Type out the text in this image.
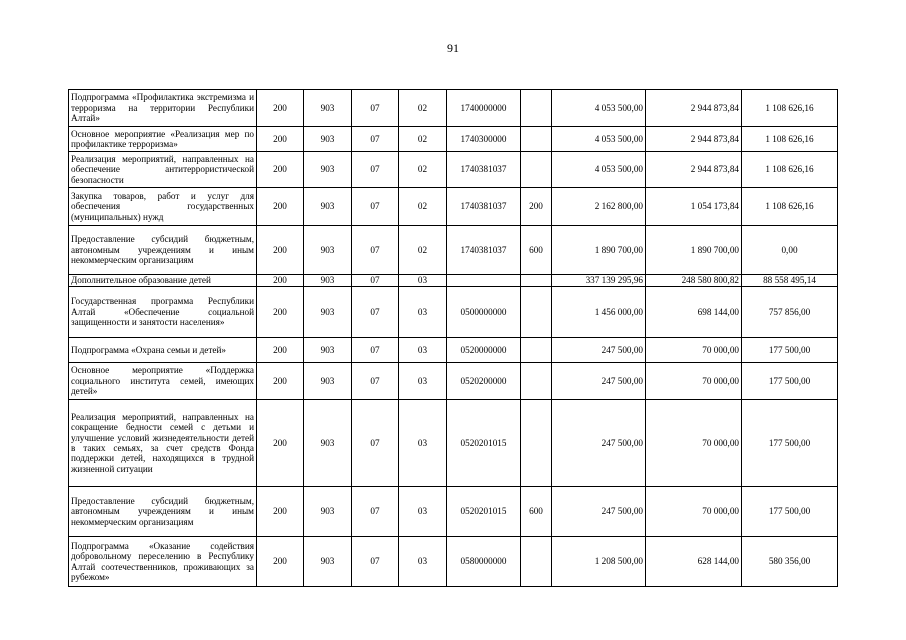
91
Подпрограмма «Профилактика экстремизма и терроризма на территории Республики Алтай»	200	903	07	02	1740000000		4 053 500,00	2 944 873,84	1 108 626,16
Основное мероприятие «Реализация мер по профилактике терроризма»	200	903	07	02	1740300000		4 053 500,00	2 944 873,84	1 108 626,16
Реализация мероприятий, направленных на обеспечение антитеррористической безопасности	200	903	07	02	1740381037		4 053 500,00	2 944 873,84	1 108 626,16
Закупка товаров, работ и услуг для обеспечения государственных (муниципальных) нужд	200	903	07	02	1740381037	200	2 162 800,00	1 054 173,84	1 108 626,16
Предоставление субсидий бюджетным, автономным учреждениям и иным некоммерческим организациям	200	903	07	02	1740381037	600	1 890 700,00	1 890 700,00	0,00
Дополнительное образование детей	200	903	07	03			337 139 295,96	248 580 800,82	88 558 495,14
Государственная программа Республики Алтай «Обеспечение социальной защищенности и занятости населения»	200	903	07	03	0500000000		1 456 000,00	698 144,00	757 856,00
Подпрограмма «Охрана семьи и детей»	200	903	07	03	0520000000		247 500,00	70 000,00	177 500,00
Основное мероприятие «Поддержка социального института семей, имеющих детей»	200	903	07	03	0520200000		247 500,00	70 000,00	177 500,00
Реализация мероприятий, направленных на сокращение бедности семей с детьми и улучшение условий жизнедеятельности детей в таких семьях, за счет средств Фонда поддержки детей, находящихся в трудной жизненной ситуации	200	903	07	03	0520201015		247 500,00	70 000,00	177 500,00
Предоставление субсидий бюджетным, автономным учреждениям и иным некоммерческим организациям	200	903	07	03	0520201015	600	247 500,00	70 000,00	177 500,00
Подпрограмма «Оказание содействия добровольному переселению в Республику Алтай соотечественников, проживающих за рубежом»	200	903	07	03	0580000000		1 208 500,00	628 144,00	580 356,00
